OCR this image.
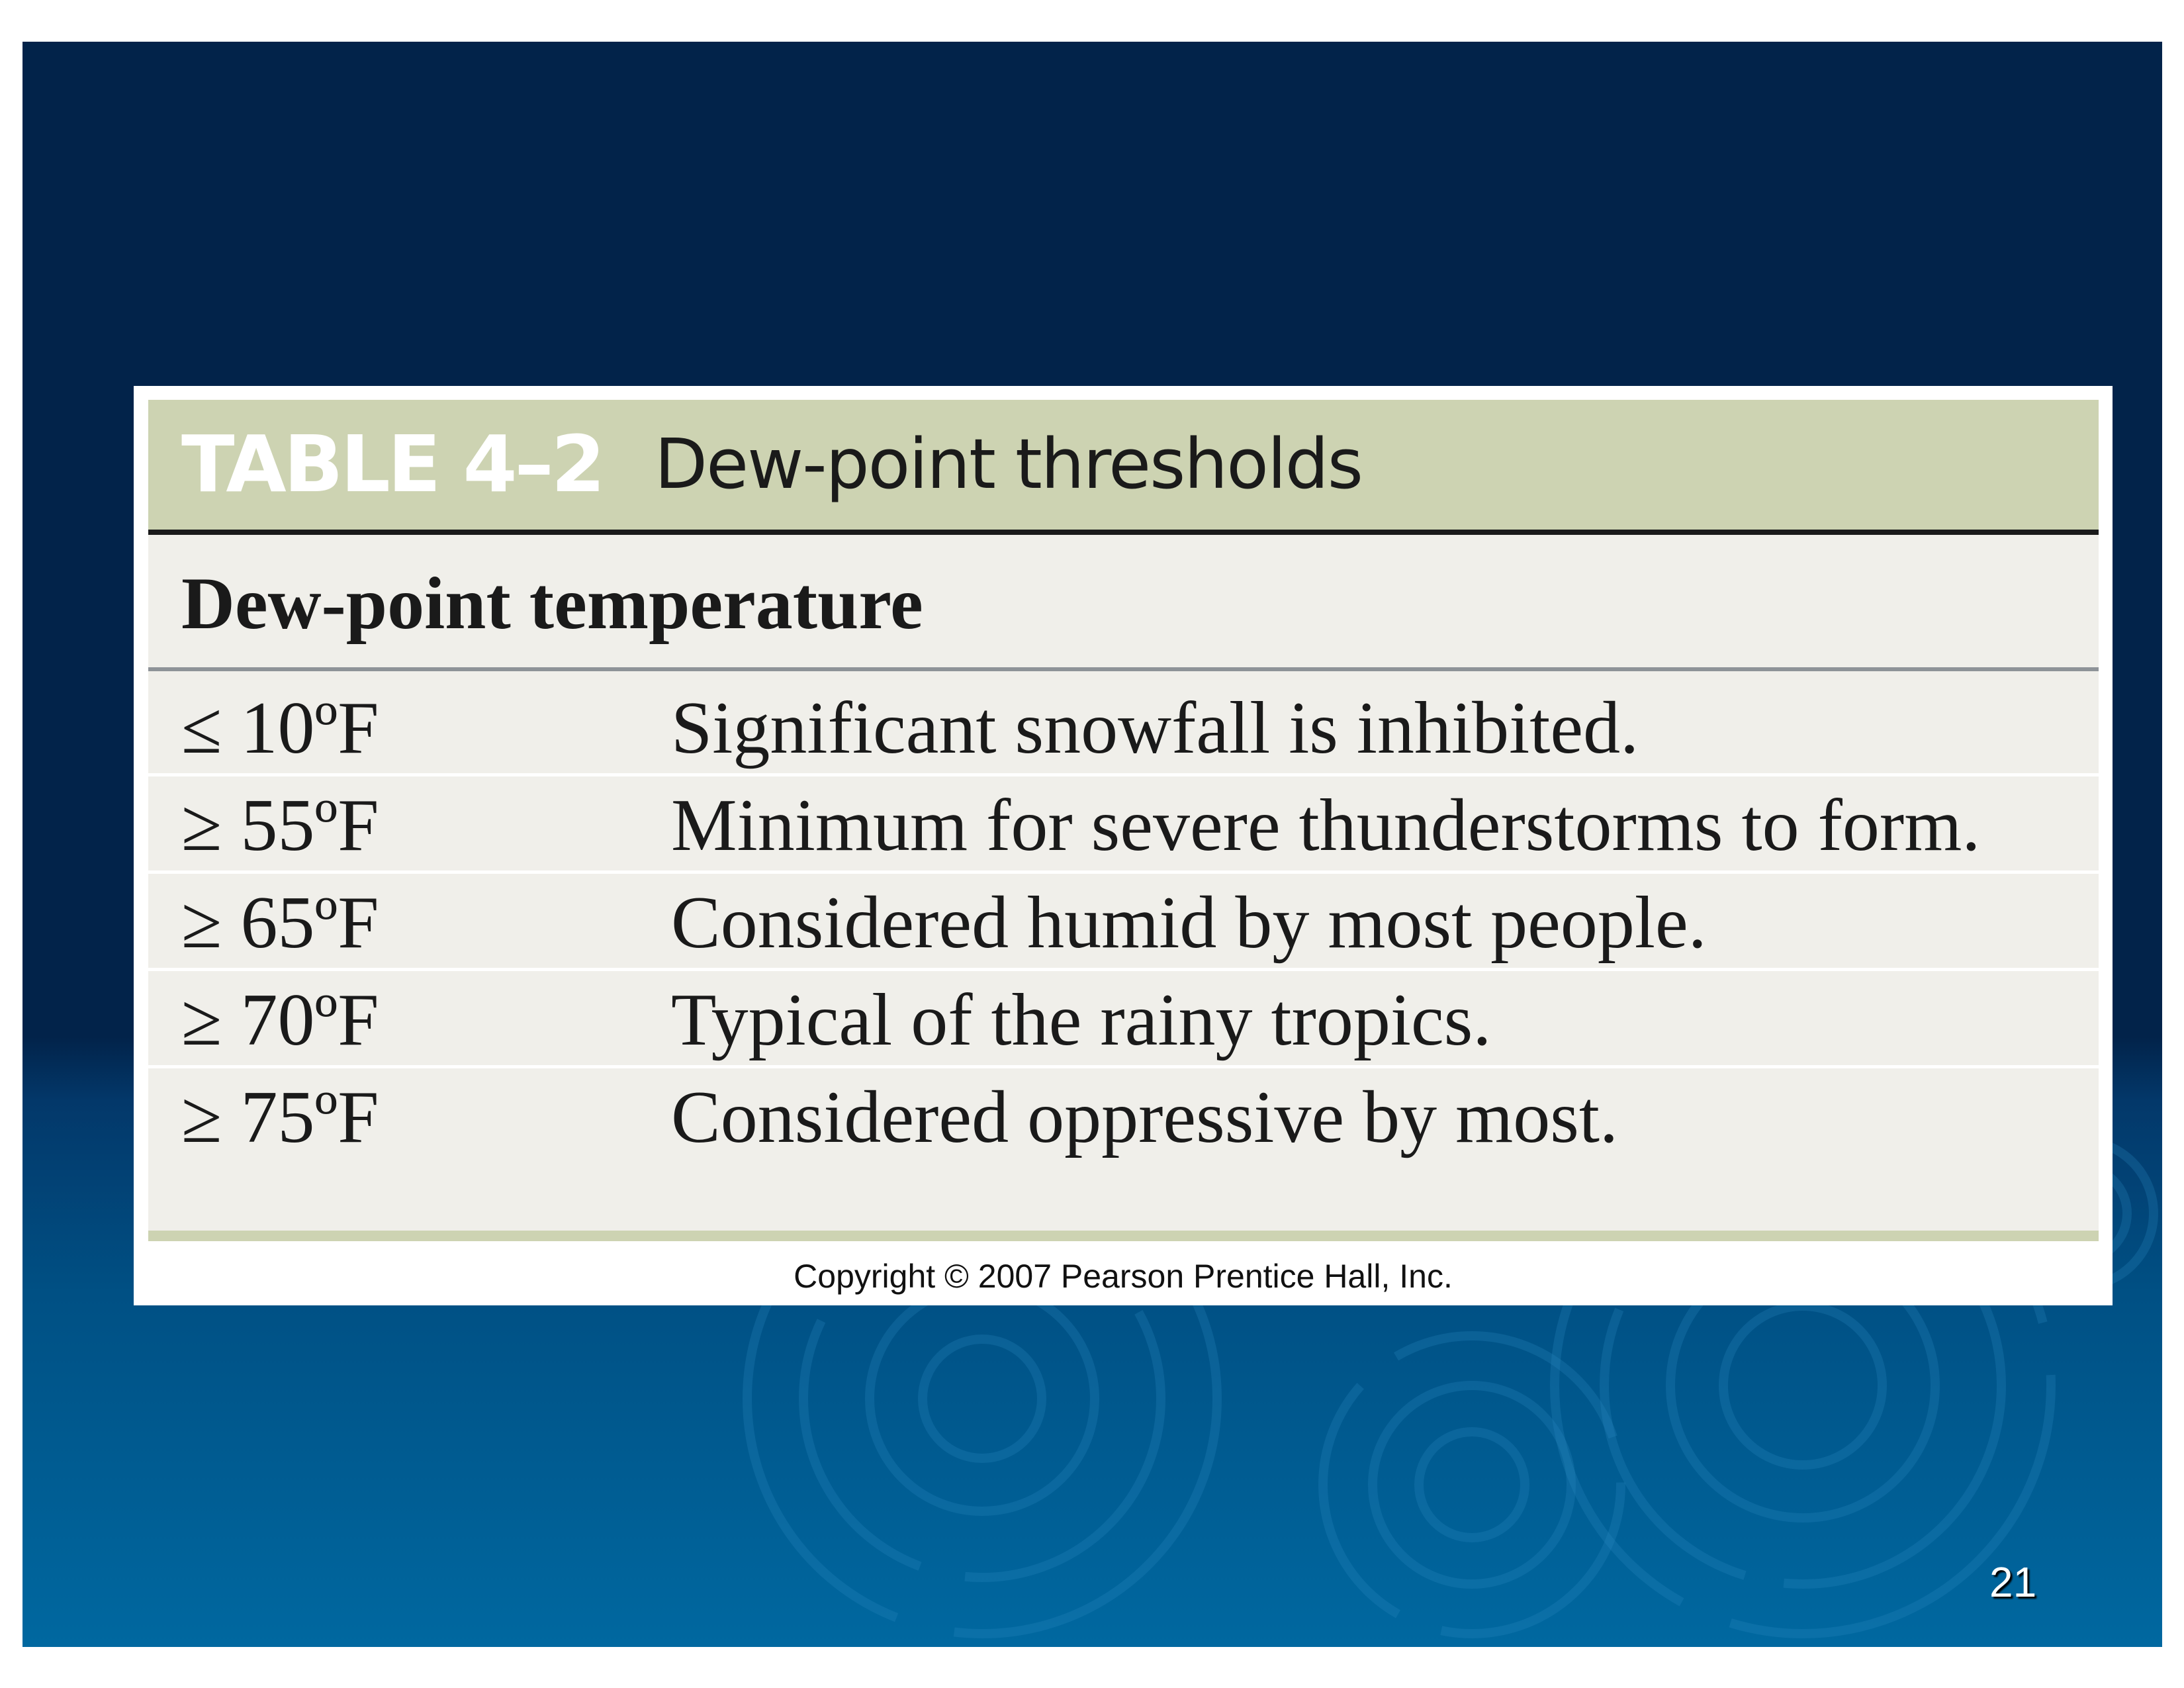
TABLE 4–2 Dew-point thresholds
Dew-point temperature
≤ 10ºF	Significant snowfall is inhibited.
≥ 55ºF	Minimum for severe thunderstorms to form.
≥ 65ºF	Considered humid by most people.
≥ 70ºF	Typical of the rainy tropics.
≥ 75ºF	Considered oppressive by most.
Copyright © 2007 Pearson Prentice Hall, Inc.
21
